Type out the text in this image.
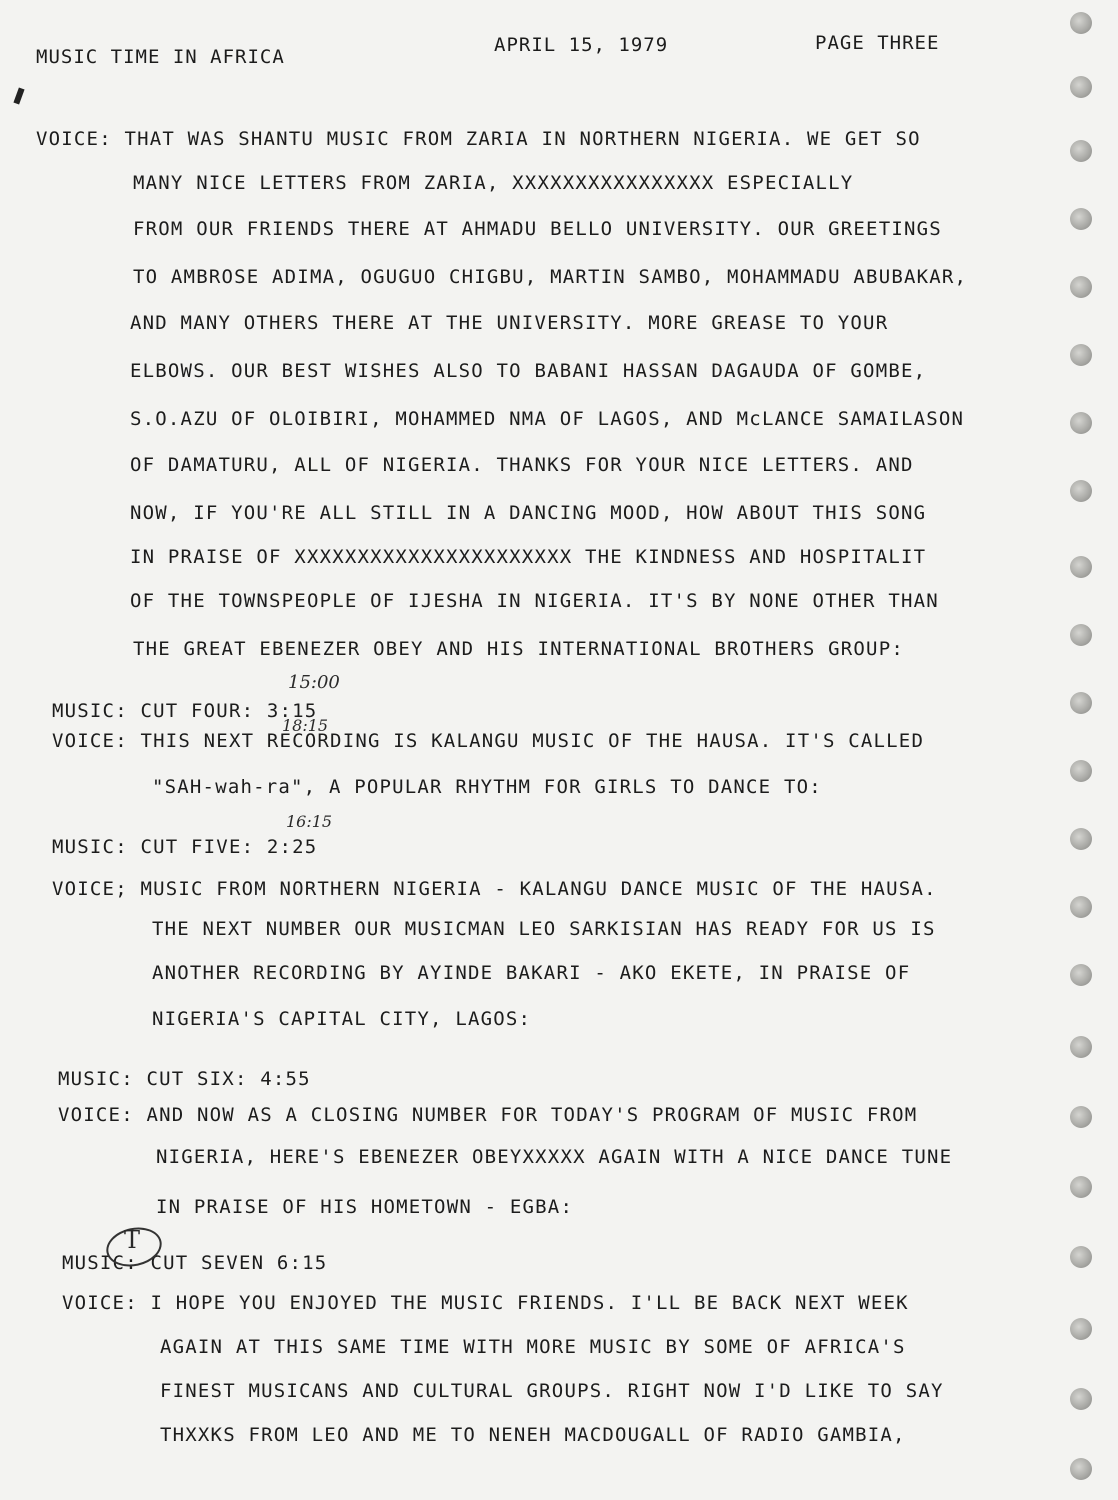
MUSIC TIME IN AFRICA
APRIL 15, 1979	PAGE THREE
VOICE: THAT WAS SHANTU MUSIC FROM ZARIA IN NORTHERN NIGERIA. WE GET SO
MANY NICE LETTERS FROM ZARIA, XXXXXXXXXXXXXXXX ESPECIALLY
FROM OUR FRIENDS THERE AT AHMADU BELLO UNIVERSITY. OUR GREETINGS
TO AMBROSE ADIMA, OGUGUO CHIGBU, MARTIN SAMBO, MOHAMMADU ABUBAKAR,
AND MANY OTHERS THERE AT THE UNIVERSITY. MORE GREASE TO YOUR
ELBOWS. OUR BEST WISHES ALSO TO BABANI HASSAN DAGAUDA OF GOMBE,
S.O.AZU OF OLOIBIRI, MOHAMMED NMA OF LAGOS, AND McLANCE SAMAILASON
OF DAMATURU, ALL OF NIGERIA. THANKS FOR YOUR NICE LETTERS. AND
NOW, IF YOU'RE ALL STILL IN A DANCING MOOD, HOW ABOUT THIS SONG
IN PRAISE OF XXXXXXXXXXXXXXXXXXXXXX THE KINDNESS AND HOSPITALIT
OF THE TOWNSPEOPLE OF IJESHA IN NIGERIA. IT'S BY NONE OTHER THAN
THE GREAT EBENEZER OBEY AND HIS INTERNATIONAL BROTHERS GROUP:
MUSIC: CUT FOUR: 3:15
VOICE: THIS NEXT RECORDING IS KALANGU MUSIC OF THE HAUSA. IT'S CALLED
"SAH-wah-ra", A POPULAR RHYTHM FOR GIRLS TO DANCE TO:
MUSIC: CUT FIVE: 2:25
VOICE; MUSIC FROM NORTHERN NIGERIA - KALANGU DANCE MUSIC OF THE HAUSA.
THE NEXT NUMBER OUR MUSICMAN LEO SARKISIAN HAS READY FOR US IS
ANOTHER RECORDING BY AYINDE BAKARI - AKO EKETE, IN PRAISE OF
NIGERIA'S CAPITAL CITY, LAGOS:
MUSIC: CUT SIX: 4:55
VOICE: AND NOW AS A CLOSING NUMBER FOR TODAY'S PROGRAM OF MUSIC FROM
NIGERIA, HERE'S EBENEZER OBEYXXXXX AGAIN WITH A NICE DANCE TUNE
IN PRAISE OF HIS HOMETOWN - EGBA:
MUSIC: CUT SEVEN 6:15
VOICE: I HOPE YOU ENJOYED THE MUSIC FRIENDS. I'LL BE BACK NEXT WEEK
AGAIN AT THIS SAME TIME WITH MORE MUSIC BY SOME OF AFRICA'S
FINEST MUSICANS AND CULTURAL GROUPS. RIGHT NOW I'D LIKE TO SAY
THXXKS FROM LEO AND ME TO NENEH MACDOUGALL OF RADIO GAMBIA,
15:00
18:15
16:15
T
